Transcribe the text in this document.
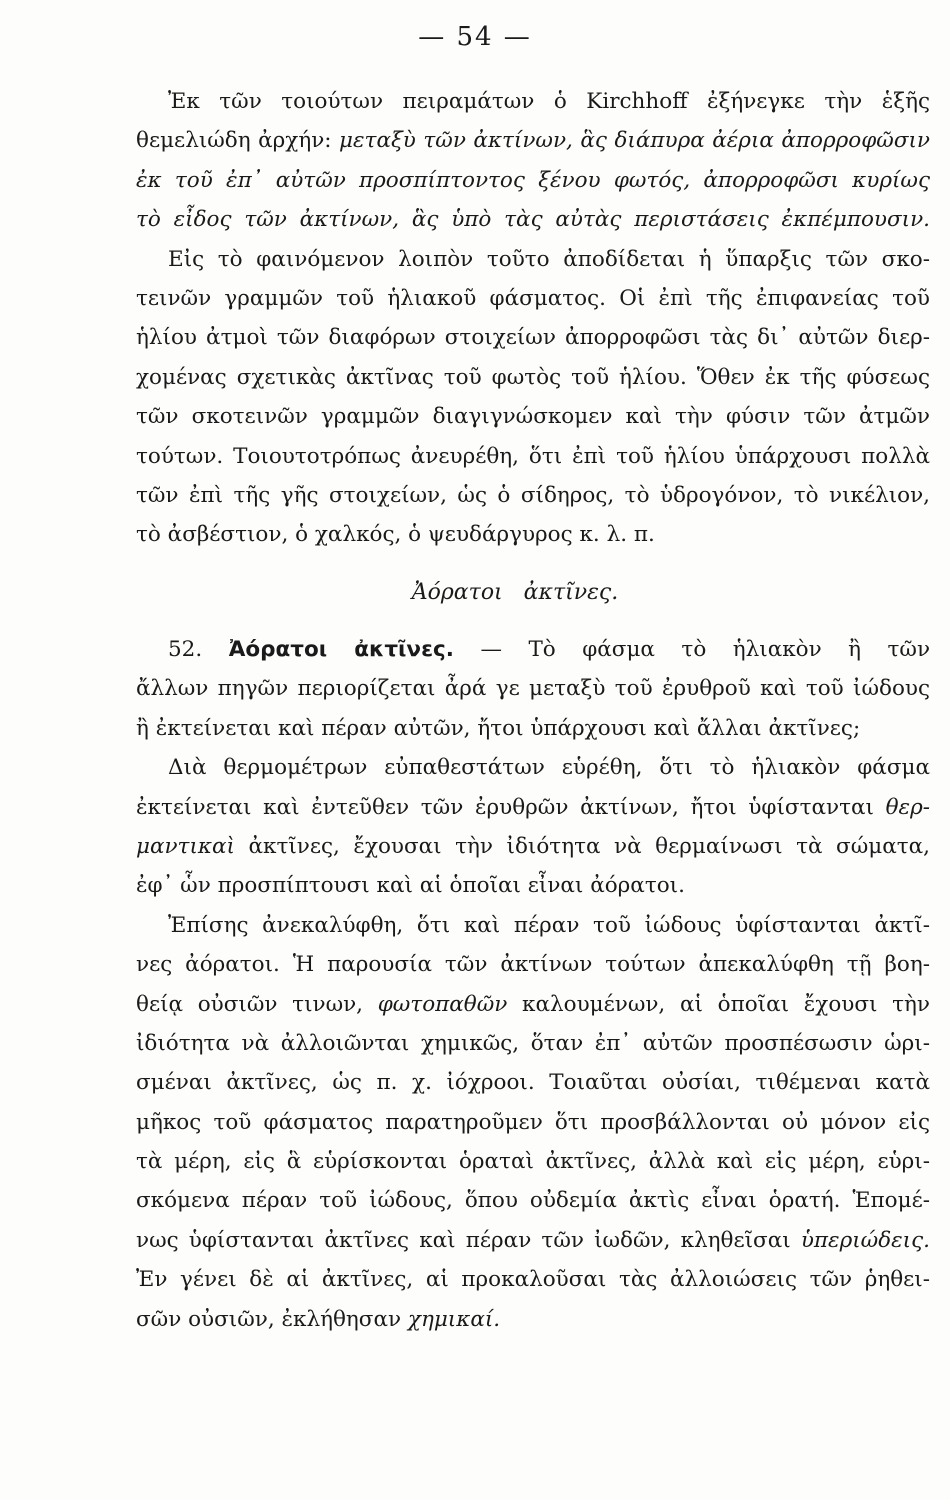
— 54 —
Ἐκ τῶν τοιούτων πειραμάτων ὁ Kirchhoff ἐξήνεγκε τὴν ἑξῆς
θεμελιώδη ἀρχήν: μεταξὺ τῶν ἀκτίνων, ἃς διάπυρα ἀέρια ἀπορροφῶσιν
ἐκ τοῦ ἐπ᾽ αὐτῶν προσπίπτοντος ξένου φωτός, ἀπορροφῶσι κυρίως
τὸ εἶδος τῶν ἀκτίνων, ἃς ὑπὸ τὰς αὐτὰς περιστάσεις ἐκπέμπουσιν.
Εἰς τὸ φαινόμενον λοιπὸν τοῦτο ἀποδίδεται ἡ ὕπαρξις τῶν σκο-
τεινῶν γραμμῶν τοῦ ἡλιακοῦ φάσματος. Οἱ ἐπὶ τῆς ἐπιφανείας τοῦ
ἡλίου ἀτμοὶ τῶν διαφόρων στοιχείων ἀπορροφῶσι τὰς δι᾽ αὐτῶν διερ-
χομένας σχετικὰς ἀκτῖνας τοῦ φωτὸς τοῦ ἡλίου. Ὅθεν ἐκ τῆς φύσεως
τῶν σκοτεινῶν γραμμῶν διαγιγνώσκομεν καὶ τὴν φύσιν τῶν ἀτμῶν
τούτων. Τοιουτοτρόπως ἀνευρέθη, ὅτι ἐπὶ τοῦ ἡλίου ὑπάρχουσι πολλὰ
τῶν ἐπὶ τῆς γῆς στοιχείων, ὡς ὁ σίδηρος, τὸ ὑδρογόνον, τὸ νικέλιον,
τὸ ἀσβέστιον, ὁ χαλκός, ὁ ψευδάργυρος κ. λ. π.
Ἀόρατοι ἀκτῖνες.
52. Ἀόρατοι ἀκτῖνες. — Τὸ φάσμα τὸ ἡλιακὸν ἢ τῶν
ἄλλων πηγῶν περιορίζεται ἆρά γε μεταξὺ τοῦ ἐρυθροῦ καὶ τοῦ ἰώδους
ἢ ἐκτείνεται καὶ πέραν αὐτῶν, ἤτοι ὑπάρχουσι καὶ ἄλλαι ἀκτῖνες;
Διὰ θερμομέτρων εὐπαθεστάτων εὑρέθη, ὅτι τὸ ἡλιακὸν φάσμα
ἐκτείνεται καὶ ἐντεῦθεν τῶν ἐρυθρῶν ἀκτίνων, ἤτοι ὑφίστανται θερ-
μαντικαὶ ἀκτῖνες, ἔχουσαι τὴν ἰδιότητα νὰ θερμαίνωσι τὰ σώματα,
ἐφ᾽ ὧν προσπίπτουσι καὶ αἱ ὁποῖαι εἶναι ἀόρατοι.
Ἐπίσης ἀνεκαλύφθη, ὅτι καὶ πέραν τοῦ ἰώδους ὑφίστανται ἀκτῖ-
νες ἀόρατοι. Ἡ παρουσία τῶν ἀκτίνων τούτων ἀπεκαλύφθη τῇ βοη-
θείᾳ οὐσιῶν τινων, φωτοπαθῶν καλουμένων, αἱ ὁποῖαι ἔχουσι τὴν
ἰδιότητα νὰ ἀλλοιῶνται χημικῶς, ὅταν ἐπ᾽ αὐτῶν προσπέσωσιν ὡρι-
σμέναι ἀκτῖνες, ὡς π. χ. ἰόχροοι. Τοιαῦται οὐσίαι, τιθέμεναι κατὰ
μῆκος τοῦ φάσματος παρατηροῦμεν ὅτι προσβάλλονται οὐ μόνον εἰς
τὰ μέρη, εἰς ἃ εὑρίσκονται ὁραταὶ ἀκτῖνες, ἀλλὰ καὶ εἰς μέρη, εὑρι-
σκόμενα πέραν τοῦ ἰώδους, ὅπου οὐδεμία ἀκτὶς εἶναι ὁρατή. Ἑπομέ-
νως ὑφίστανται ἀκτῖνες καὶ πέραν τῶν ἰωδῶν, κληθεῖσαι ὑπεριώδεις.
Ἐν γένει δὲ αἱ ἀκτῖνες, αἱ προκαλοῦσαι τὰς ἀλλοιώσεις τῶν ῥηθει-
σῶν οὐσιῶν, ἐκλήθησαν χημικαί.
